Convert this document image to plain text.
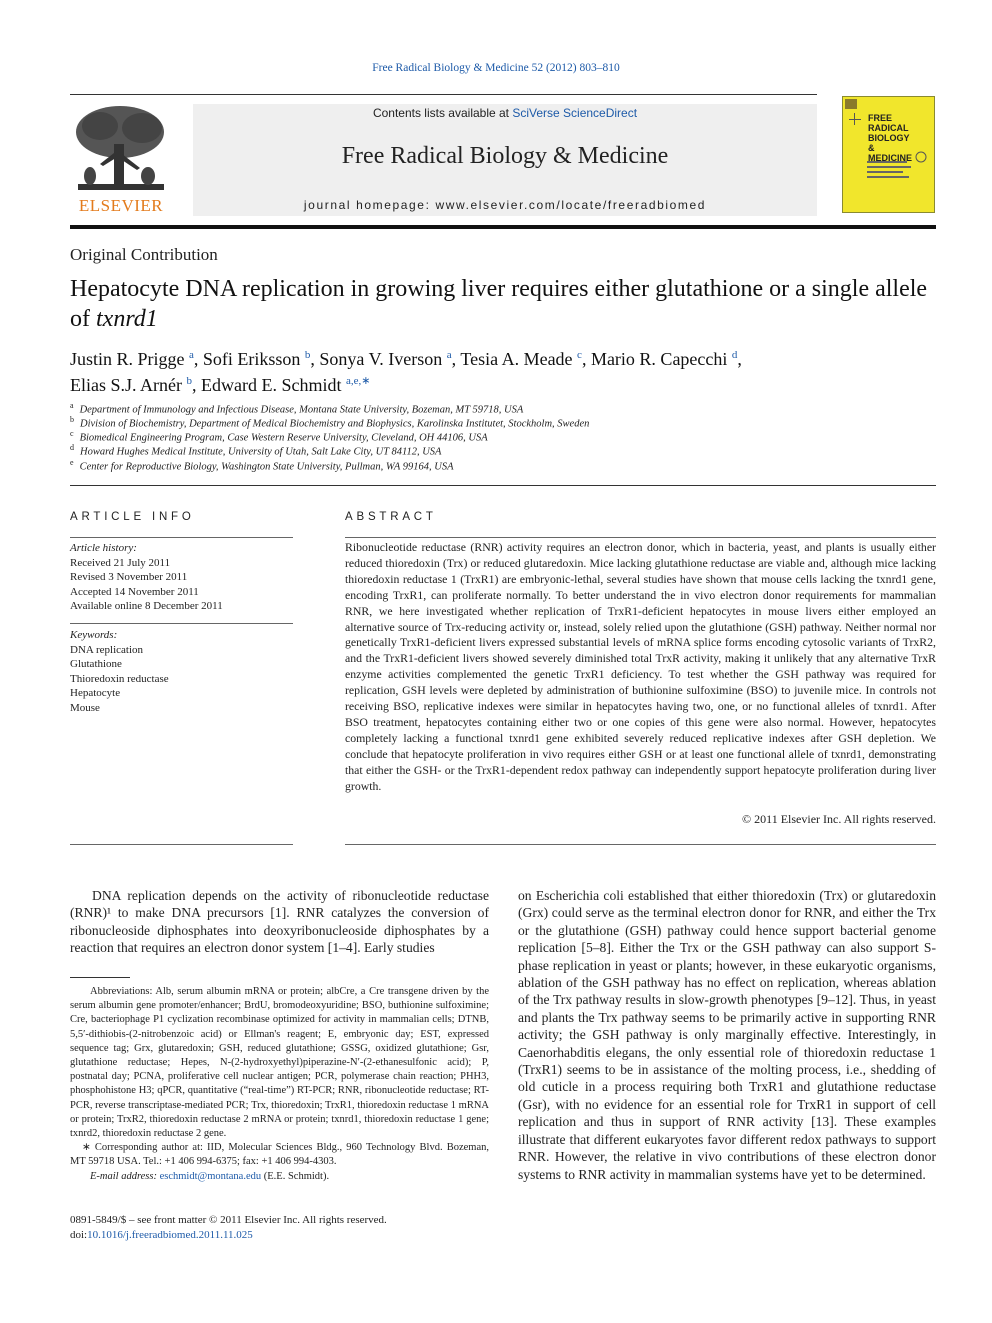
Free Radical Biology & Medicine 52 (2012) 803–810
ELSEVIER
Contents lists available at SciVerse ScienceDirect
Free Radical Biology & Medicine
journal homepage: www.elsevier.com/locate/freeradbiomed
FREE RADICAL BIOLOGY & MEDICINE
Original Contribution
Hepatocyte DNA replication in growing liver requires either glutathione or a single allele of txnrd1
Justin R. Prigge $^a$, Sofi Eriksson $^b$, Sonya V. Iverson $^a$, Tesia A. Meade $^c$, Mario R. Capecchi $^d$,
Elias S.J. Arnér $^b$, Edward E. Schmidt $^{a,e,∗}$
$^a$ Department of Immunology and Infectious Disease, Montana State University, Bozeman, MT 59718, USA
$^b$ Division of Biochemistry, Department of Medical Biochemistry and Biophysics, Karolinska Institutet, Stockholm, Sweden
$^c$ Biomedical Engineering Program, Case Western Reserve University, Cleveland, OH 44106, USA
$^d$ Howard Hughes Medical Institute, University of Utah, Salt Lake City, UT 84112, USA
$^e$ Center for Reproductive Biology, Washington State University, Pullman, WA 99164, USA
ARTICLE INFO
Article history:
Received 21 July 2011
Revised 3 November 2011
Accepted 14 November 2011
Available online 8 December 2011
Keywords:
DNA replication
Glutathione
Thioredoxin reductase
Hepatocyte
Mouse
ABSTRACT
Ribonucleotide reductase (RNR) activity requires an electron donor, which in bacteria, yeast, and plants is usually either reduced thioredoxin (Trx) or reduced glutaredoxin. Mice lacking glutathione reductase are viable and, although mice lacking thioredoxin reductase 1 (TrxR1) are embryonic-lethal, several studies have shown that mouse cells lacking the txnrd1 gene, encoding TrxR1, can proliferate normally. To better understand the in vivo electron donor requirements for mammalian RNR, we here investigated whether replication of TrxR1-deficient hepatocytes in mouse livers either employed an alternative source of Trx-reducing activity or, instead, solely relied upon the glutathione (GSH) pathway. Neither normal nor genetically TrxR1-deficient livers expressed substantial levels of mRNA splice forms encoding cytosolic variants of TrxR2, and the TrxR1-deficient livers showed severely diminished total TrxR activity, making it unlikely that any alternative TrxR enzyme activities complemented the genetic TrxR1 deficiency. To test whether the GSH pathway was required for replication, GSH levels were depleted by administration of buthionine sulfoximine (BSO) to juvenile mice. In controls not receiving BSO, replicative indexes were similar in hepatocytes having two, one, or no functional alleles of txnrd1. After BSO treatment, hepatocytes containing either two or one copies of this gene were also normal. However, hepatocytes completely lacking a functional txnrd1 gene exhibited severely reduced replicative indexes after GSH depletion. We conclude that hepatocyte proliferation in vivo requires either GSH or at least one functional allele of txnrd1, demonstrating that either the GSH- or the TrxR1-dependent redox pathway can independently support hepatocyte proliferation during liver growth.
© 2011 Elsevier Inc. All rights reserved.
DNA replication depends on the activity of ribonucleotide reductase (RNR)¹ to make DNA precursors [1]. RNR catalyzes the conversion of ribonucleoside diphosphates into deoxyribonucleoside diphosphates by a reaction that requires an electron donor system [1–4]. Early studies
on Escherichia coli established that either thioredoxin (Trx) or glutaredoxin (Grx) could serve as the terminal electron donor for RNR, and either the Trx or the glutathione (GSH) pathway could hence support bacterial genome replication [5–8]. Either the Trx or the GSH pathway can also support S-phase replication in yeast or plants; however, in these eukaryotic organisms, ablation of the GSH pathway has no effect on replication, whereas ablation of the Trx pathway results in slow-growth phenotypes [9–12]. Thus, in yeast and plants the Trx pathway seems to be primarily active in supporting RNR activity; the GSH pathway is only marginally effective. Interestingly, in Caenorhabditis elegans, the only essential role of thioredoxin reductase 1 (TrxR1) seems to be in assistance of the molting process, i.e., shedding of old cuticle in a process requiring both TrxR1 and glutathione reductase (Gsr), with no evidence for an essential role for TrxR1 in support of cell replication and thus in support of RNR activity [13]. These examples illustrate that different eukaryotes favor different redox pathways to support RNR. However, the relative in vivo contributions of these electron donor systems to RNR activity in mammalian systems have yet to be determined.
Abbreviations: Alb, serum albumin mRNA or protein; albCre, a Cre transgene driven by the serum albumin gene promoter/enhancer; BrdU, bromodeoxyuridine; BSO, buthionine sulfoximine; Cre, bacteriophage P1 cyclization recombinase optimized for activity in mammalian cells; DTNB, 5,5′-dithiobis-(2-nitrobenzoic acid) or Ellman's reagent; E, embryonic day; EST, expressed sequence tag; Grx, glutaredoxin; GSH, reduced glutathione; GSSG, oxidized glutathione; Gsr, glutathione reductase; Hepes, N-(2-hydroxyethyl)piperazine-N′-(2-ethanesulfonic acid); P, postnatal day; PCNA, proliferative cell nuclear antigen; PCR, polymerase chain reaction; PHH3, phosphohistone H3; qPCR, quantitative (“real-time”) RT-PCR; RNR, ribonucleotide reductase; RT-PCR, reverse transcriptase-mediated PCR; Trx, thioredoxin; TrxR1, thioredoxin reductase 1 mRNA or protein; TrxR2, thioredoxin reductase 2 mRNA or protein; txnrd1, thioredoxin reductase 1 gene; txnrd2, thioredoxin reductase 2 gene.
∗ Corresponding author at: IID, Molecular Sciences Bldg., 960 Technology Blvd. Bozeman, MT 59718 USA. Tel.: +1 406 994-6375; fax: +1 406 994-4303.
E-mail address: eschmidt@montana.edu (E.E. Schmidt).
0891-5849/$ – see front matter © 2011 Elsevier Inc. All rights reserved.
doi:10.1016/j.freeradbiomed.2011.11.025
